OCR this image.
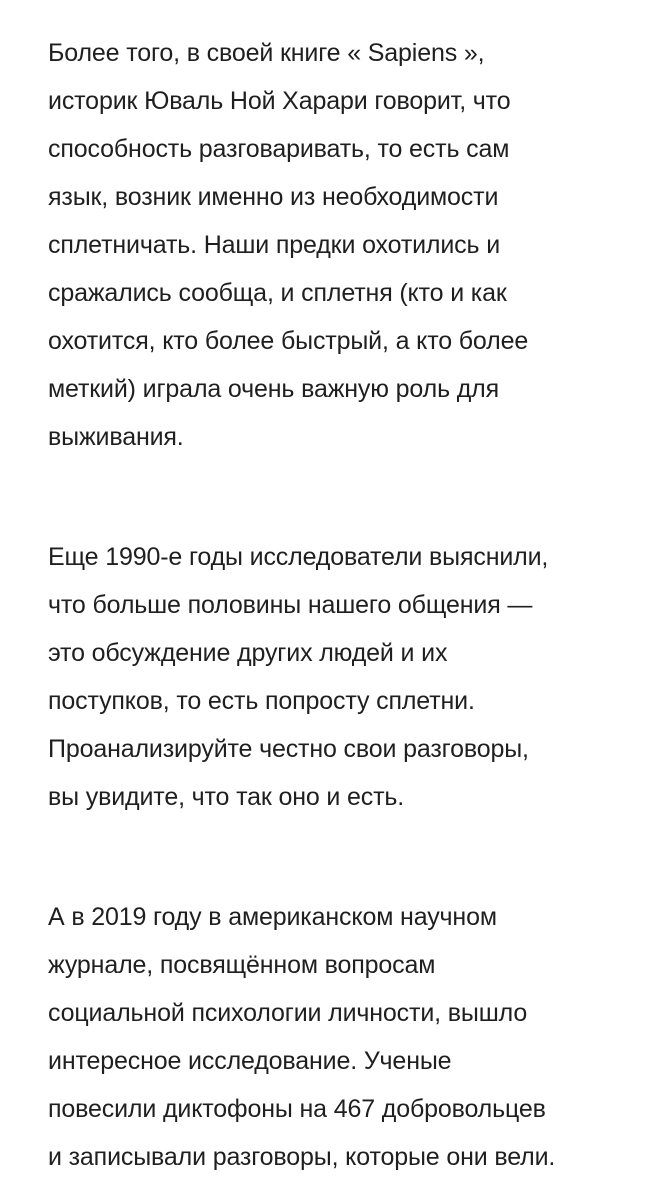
Более того, в своей книге « Sapiens »,
историк Юваль Ной Харари говорит, что
способность разговаривать, то есть сам
язык, возник именно из необходимости
сплетничать. Наши предки охотились и
сражались сообща, и сплетня (кто и как
охотится, кто более быстрый, а кто более
меткий) играла очень важную роль для
выживания.

Еще 1990-е годы исследователи выяснили,
что больше половины нашего общения —
это обсуждение других людей и их
поступков, то есть попросту сплетни.
Проанализируйте честно свои разговоры,
вы увидите, что так оно и есть.

А в 2019 году в американском научном
журнале, посвящённом вопросам
социальной психологии личности, вышло
интересное исследование. Ученые
повесили диктофоны на 467 добровольцев
и записывали разговоры, которые они вели.
